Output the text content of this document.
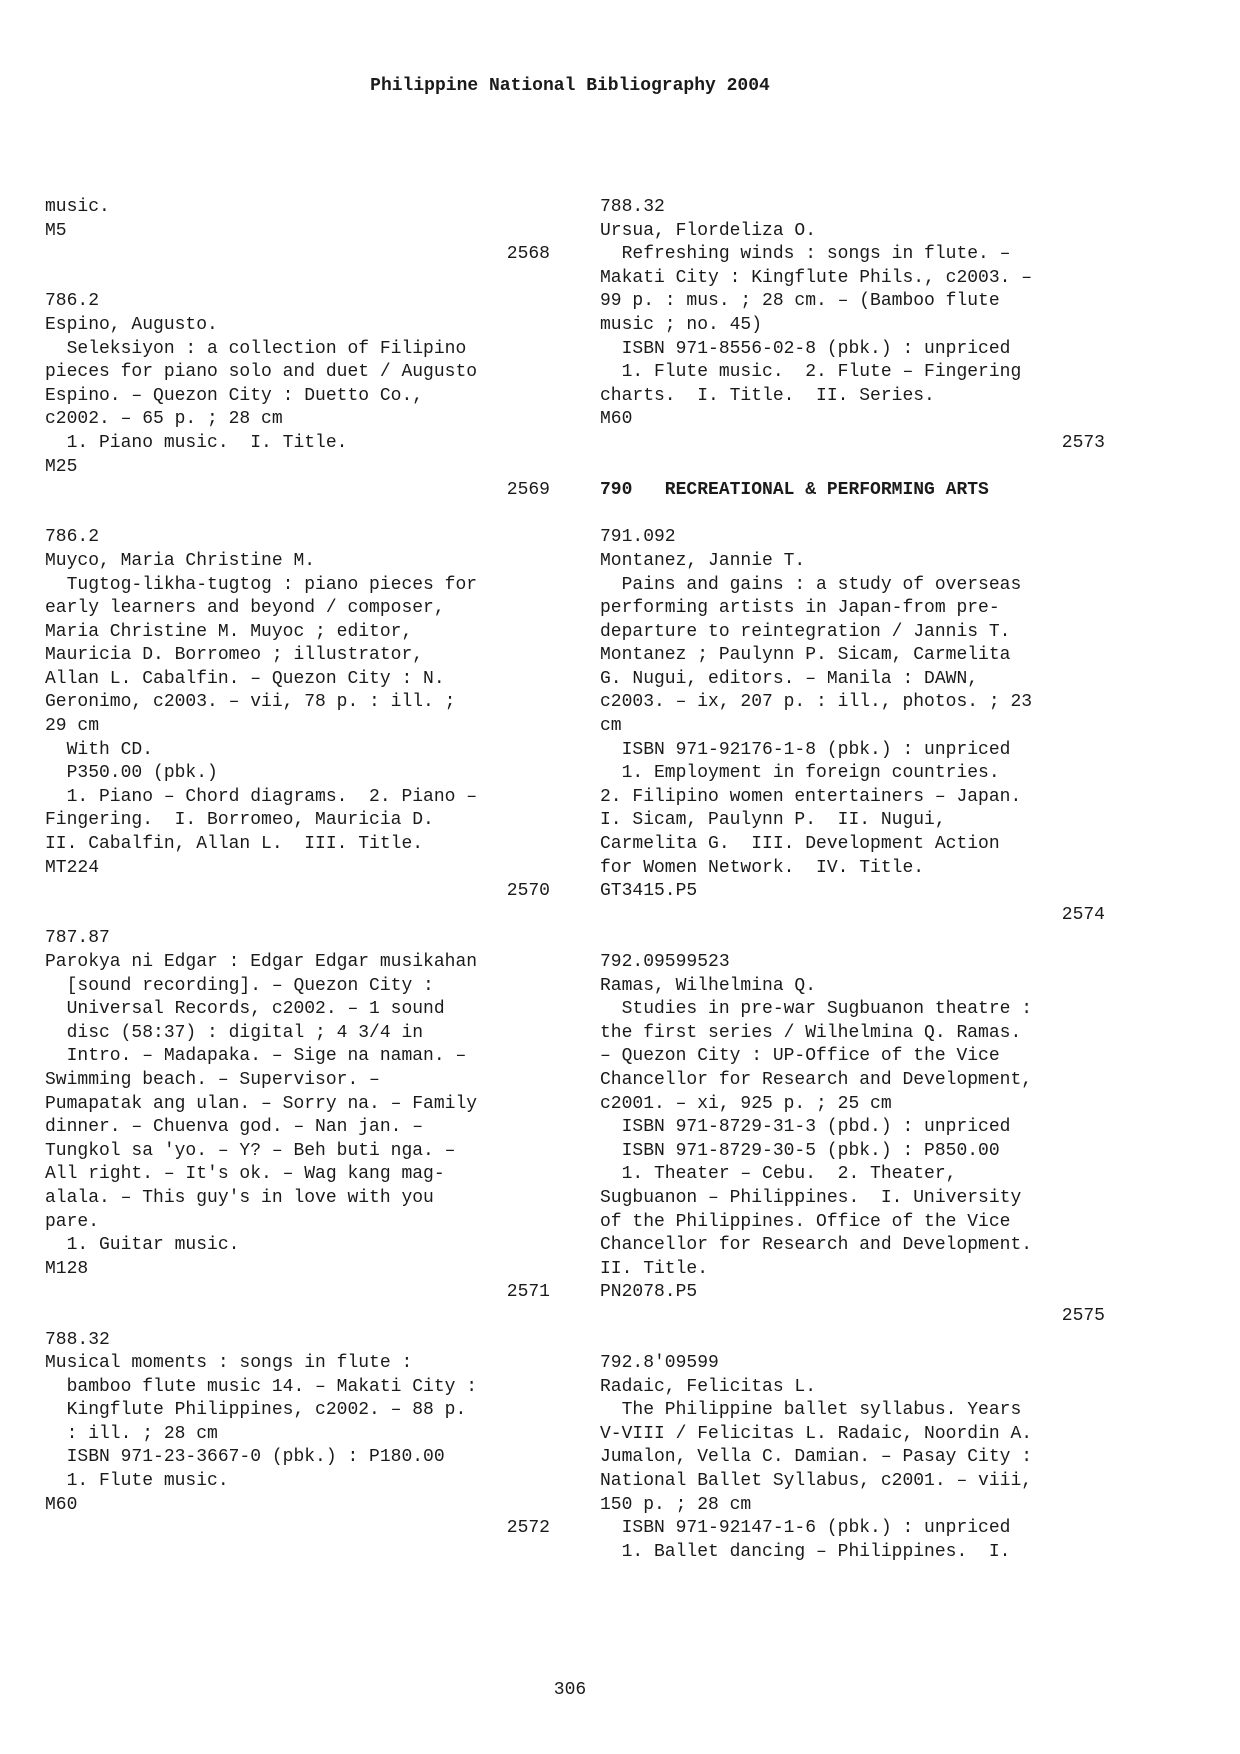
Philippine National Bibliography 2004
music.
M5
2568
786.2
Espino, Augusto.
Seleksiyon : a collection of Filipino
pieces for piano solo and duet / Augusto
Espino. – Quezon City : Duetto Co.,
c2002. – 65 p. ; 28 cm
1. Piano music.  I. Title.
M25
2569
786.2
Muyco, Maria Christine M.
Tugtog-likha-tugtog : piano pieces for
early learners and beyond / composer,
Maria Christine M. Muyoc ; editor,
Mauricia D. Borromeo ; illustrator,
Allan L. Cabalfin. – Quezon City : N.
Geronimo, c2003. – vii, 78 p. : ill. ;
29 cm
With CD.
P350.00 (pbk.)
1. Piano – Chord diagrams.  2. Piano –
Fingering.  I. Borromeo, Mauricia D.
II. Cabalfin, Allan L.  III. Title.
MT224
2570
787.87
Parokya ni Edgar : Edgar Edgar musikahan
[sound recording]. – Quezon City :
Universal Records, c2002. – 1 sound
disc (58:37) : digital ; 4 3/4 in
Intro. – Madapaka. – Sige na naman. –
Swimming beach. – Supervisor. –
Pumapatak ang ulan. – Sorry na. – Family
dinner. – Chuenva god. – Nan jan. –
Tungkol sa 'yo. – Y? – Beh buti nga. –
All right. – It's ok. – Wag kang mag-
alala. – This guy's in love with you
pare.
1. Guitar music.
M128
2571
788.32
Musical moments : songs in flute :
bamboo flute music 14. – Makati City :
Kingflute Philippines, c2002. – 88 p.
: ill. ; 28 cm
ISBN 971-23-3667-0 (pbk.) : P180.00
1. Flute music.
M60
2572
788.32
Ursua, Flordeliza O.
Refreshing winds : songs in flute. –
Makati City : Kingflute Phils., c2003. –
99 p. : mus. ; 28 cm. – (Bamboo flute
music ; no. 45)
ISBN 971-8556-02-8 (pbk.) : unpriced
1. Flute music.  2. Flute – Fingering
charts.  I. Title.  II. Series.
M60
2573
790   RECREATIONAL & PERFORMING ARTS
791.092
Montanez, Jannie T.
Pains and gains : a study of overseas
performing artists in Japan-from pre-
departure to reintegration / Jannis T.
Montanez ; Paulynn P. Sicam, Carmelita
G. Nugui, editors. – Manila : DAWN,
c2003. – ix, 207 p. : ill., photos. ; 23
cm
ISBN 971-92176-1-8 (pbk.) : unpriced
1. Employment in foreign countries.
2. Filipino women entertainers – Japan.
I. Sicam, Paulynn P.  II. Nugui,
Carmelita G.  III. Development Action
for Women Network.  IV. Title.
GT3415.P5
2574
792.09599523
Ramas, Wilhelmina Q.
Studies in pre-war Sugbuanon theatre :
the first series / Wilhelmina Q. Ramas.
– Quezon City : UP-Office of the Vice
Chancellor for Research and Development,
c2001. – xi, 925 p. ; 25 cm
ISBN 971-8729-31-3 (pbd.) : unpriced
ISBN 971-8729-30-5 (pbk.) : P850.00
1. Theater – Cebu.  2. Theater,
Sugbuanon – Philippines.  I. University
of the Philippines. Office of the Vice
Chancellor for Research and Development.
II. Title.
PN2078.P5
2575
792.8'09599
Radaic, Felicitas L.
The Philippine ballet syllabus. Years
V-VIII / Felicitas L. Radaic, Noordin A.
Jumalon, Vella C. Damian. – Pasay City :
National Ballet Syllabus, c2001. – viii,
150 p. ; 28 cm
ISBN 971-92147-1-6 (pbk.) : unpriced
1. Ballet dancing – Philippines.  I.
306
